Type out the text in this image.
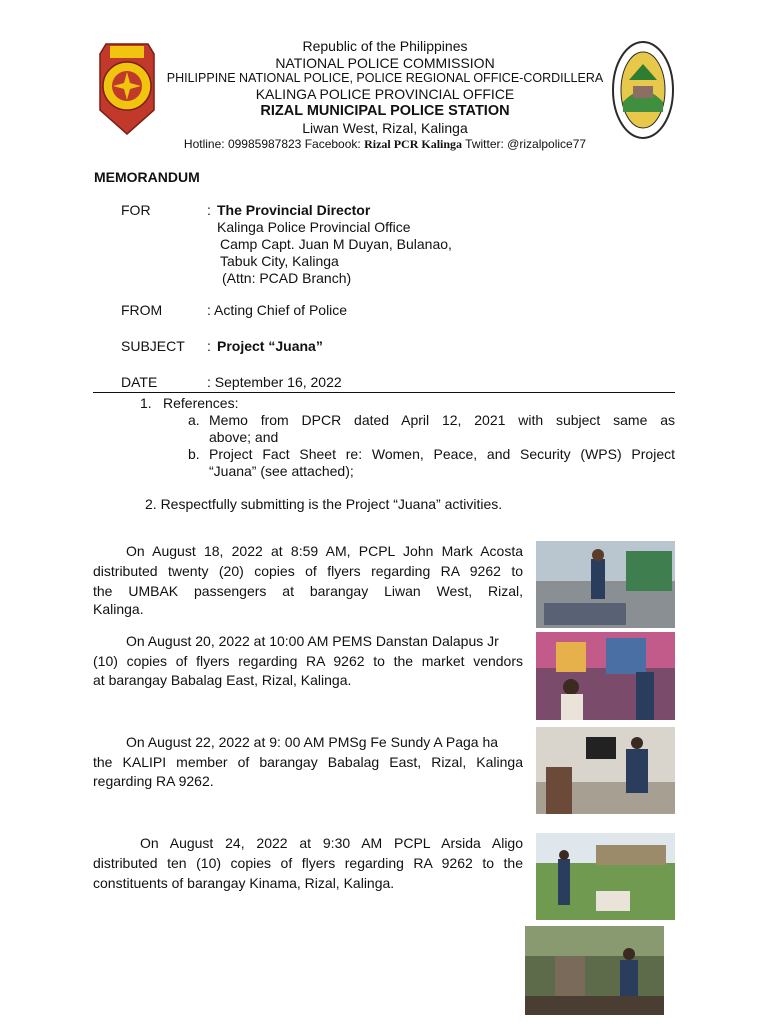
Republic of the Philippines
NATIONAL POLICE COMMISSION
PHILIPPINE NATIONAL POLICE, POLICE REGIONAL OFFICE-CORDILLERA
KALINGA POLICE PROVINCIAL OFFICE
RIZAL MUNICIPAL POLICE STATION
Liwan West, Rizal, Kalinga
Hotline: 09985987823 Facebook: Rizal PCR Kalinga Twitter: @rizalpolice77
MEMORANDUM
FOR	: The Provincial Director
Kalinga Police Provincial Office
Camp Capt. Juan M Duyan, Bulanao,
Tabuk City, Kalinga
(Attn: PCAD Branch)
FROM	: Acting Chief of Police
SUBJECT : Project “Juana”
DATE	: September 16, 2022
1. References:
a. Memo from DPCR dated April 12, 2021 with subject same as
above; and
b. Project Fact Sheet re: Women, Peace, and Security (WPS) Project
“Juana” (see attached);
2. Respectfully submitting is the Project “Juana” activities.
On August 18, 2022 at 8:59 AM, PCPL John Mark Acosta
distributed twenty (20) copies of flyers regarding RA 9262 to
the UMBAK passengers at barangay Liwan West, Rizal,
Kalinga.
On August 20, 2022 at 10:00 AM PEMS Danstan Dalapus Jr
(10) copies of flyers regarding RA 9262 to the market vendors
at barangay Babalag East, Rizal, Kalinga.
On August 22, 2022 at 9: 00 AM PMSg Fe Sundy A Paga ha
the KALIPI member of barangay Babalag East, Rizal, Kalinga
regarding RA 9262.
On August 24, 2022 at 9:30 AM PCPL Arsida Aligo
distributed ten (10) copies of flyers regarding RA 9262 to the
constituents of barangay Kinama, Rizal, Kalinga.
